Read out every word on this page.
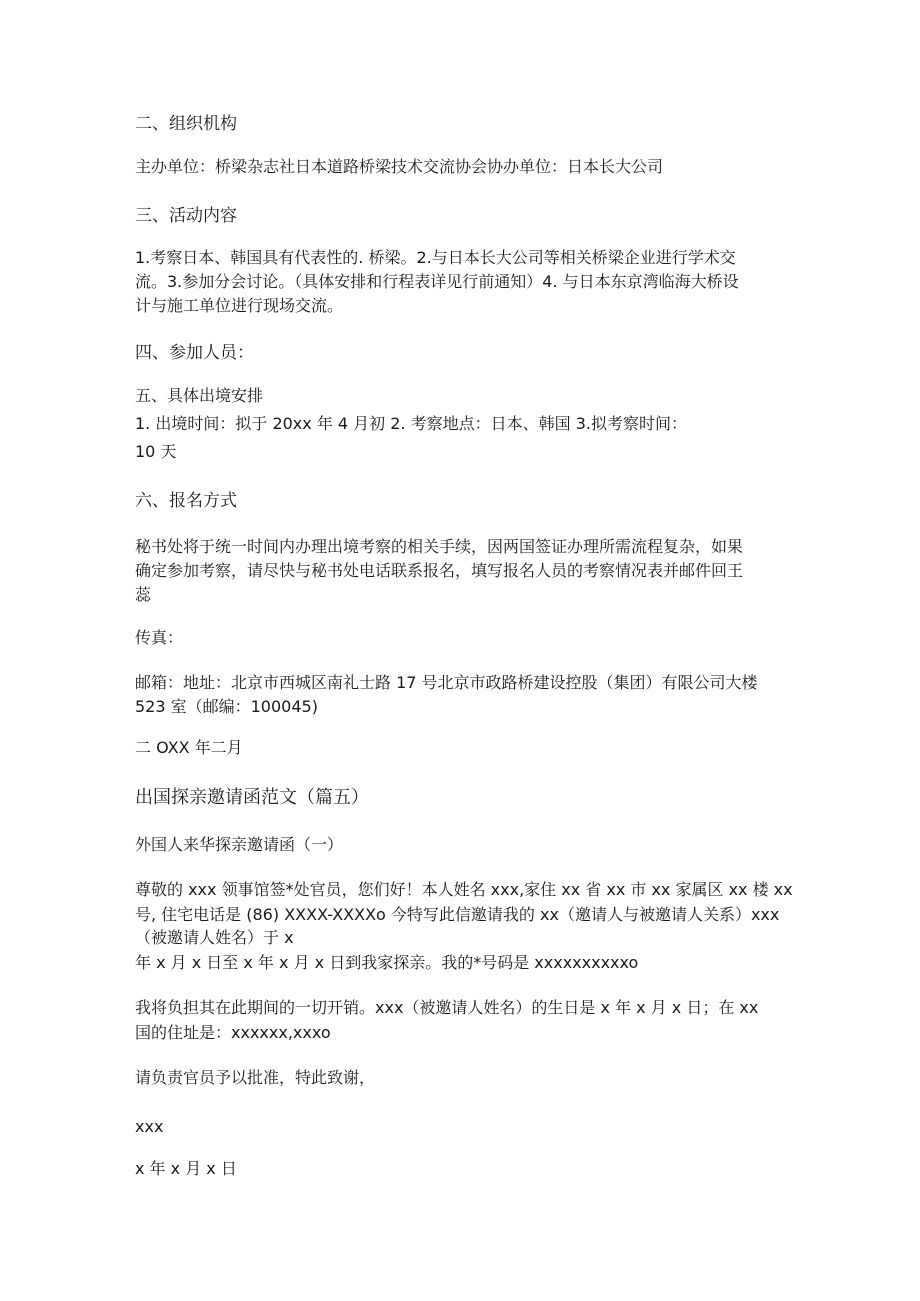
二、组织机构
主办单位：桥梁杂志社日本道路桥梁技术交流协会协办单位：日本长大公司
三、活动内容
1.考察日本、韩国具有代表性的. 桥梁。2.与日本长大公司等相关桥梁企业进行学术交
流。3.参加分会讨论。（具体安排和行程表详见行前通知）4. 与日本东京湾临海大桥设
计与施工单位进行现场交流。
四、参加人员：
五、具体出境安排
1. 出境时间：拟于 20xx 年 4 月初 2. 考察地点：日本、韩国 3.拟考察时间：
10 天
六、报名方式
秘书处将于统一时间内办理出境考察的相关手续，因两国签证办理所需流程复杂，如果
确定参加考察，请尽快与秘书处电话联系报名，填写报名人员的考察情况表并邮件回王
蕊
传真：
邮箱：地址：北京市西城区南礼士路 17 号北京市政路桥建设控股（集团）有限公司大楼
523 室（邮编：100045)
二 OXX 年二月
出国探亲邀请函范文（篇五）
外国人来华探亲邀请函（一）
尊敬的 xxx 领事馆签*处官员，您们好！本人姓名 xxx,家住 xx 省 xx 市 xx 家属区 xx 楼 xx
号, 住宅电话是 (86) XXXX-XXXXo 今特写此信邀请我的 xx（邀请人与被邀请人关系）xxx
（被邀请人姓名）于 x
年 x 月 x 日至 x 年 x 月 x 日到我家探亲。我的*号码是 xxxxxxxxxxo
我将负担其在此期间的一切开销。xxx（被邀请人姓名）的生日是 x 年 x 月 x 日；在 xx
国的住址是：xxxxxx,xxxo
请负责官员予以批准，特此致谢，
xxx
x 年 x 月 x 日
